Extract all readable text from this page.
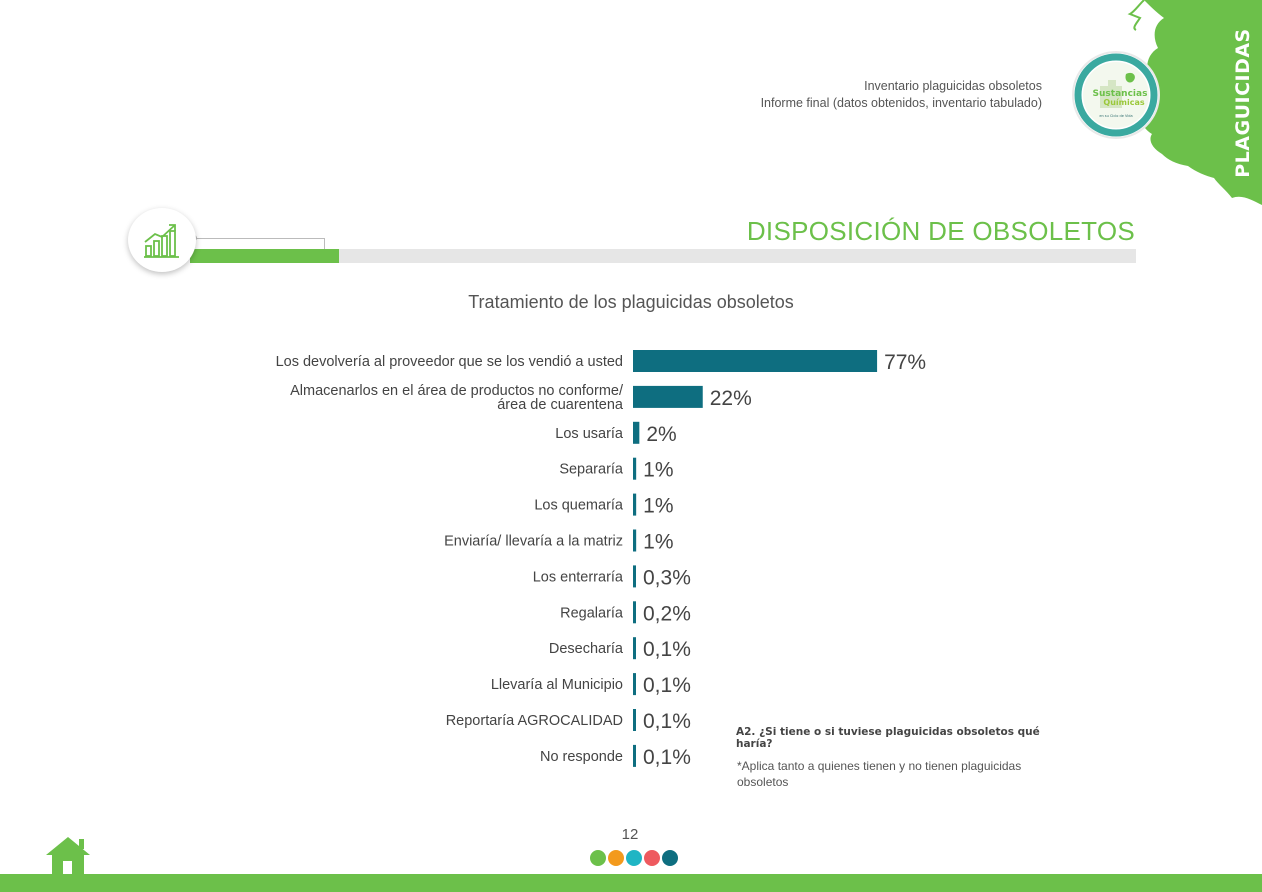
PLAGUICIDAS
Sustancias
Químicas
en su Ciclo de Vida
Inventario plaguicidas obsoletos
Informe final (datos obtenidos, inventario tabulado)
DISPOSICIÓN DE OBSOLETOS
Tratamiento de los plaguicidas obsoletos
Los devolvería al proveedor que se los vendió a usted	77%
Almacenarlos en el área de productos no conforme/ área de cuarentena	22%
Los usaría 2%
Separaría 1%
Los quemaría 1%
Enviaría/ llevaría a la matriz 1%
Los enterraría 0,3%
Regalaría 0,2%
Desecharía 0,1%
Llevaría al Municipio 0,1%
Reportaría AGROCALIDAD 0,1%
No responde 0,1%
A2. ¿Si tiene o si tuviese plaguicidas obsoletos qué haría?
*Aplica tanto a quienes tienen y no tienen plaguicidas obsoletos
12
